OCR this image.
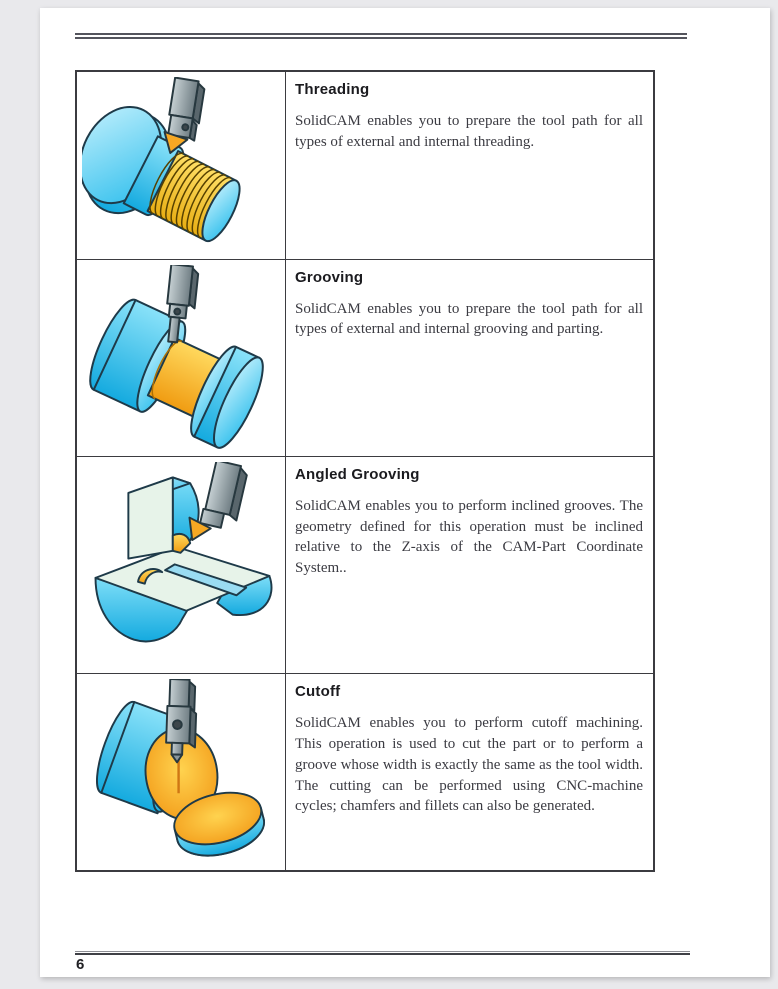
Threading

SolidCAM enables you to prepare the tool path for all types of external and internal threading.

Grooving

SolidCAM enables you to prepare the tool path for all types of external and internal grooving and parting.

Angled Grooving

SolidCAM enables you to perform inclined grooves. The geometry defined for this operation must be inclined relative to the Z-axis of the CAM-Part Coordinate System..

Cutoff

SolidCAM enables you to perform cutoff machining. This operation is used to cut the part or to perform a groove whose width is exactly the same as the tool width. The cutting can be performed using CNC-machine cycles; chamfers and fillets can also be generated.

6
